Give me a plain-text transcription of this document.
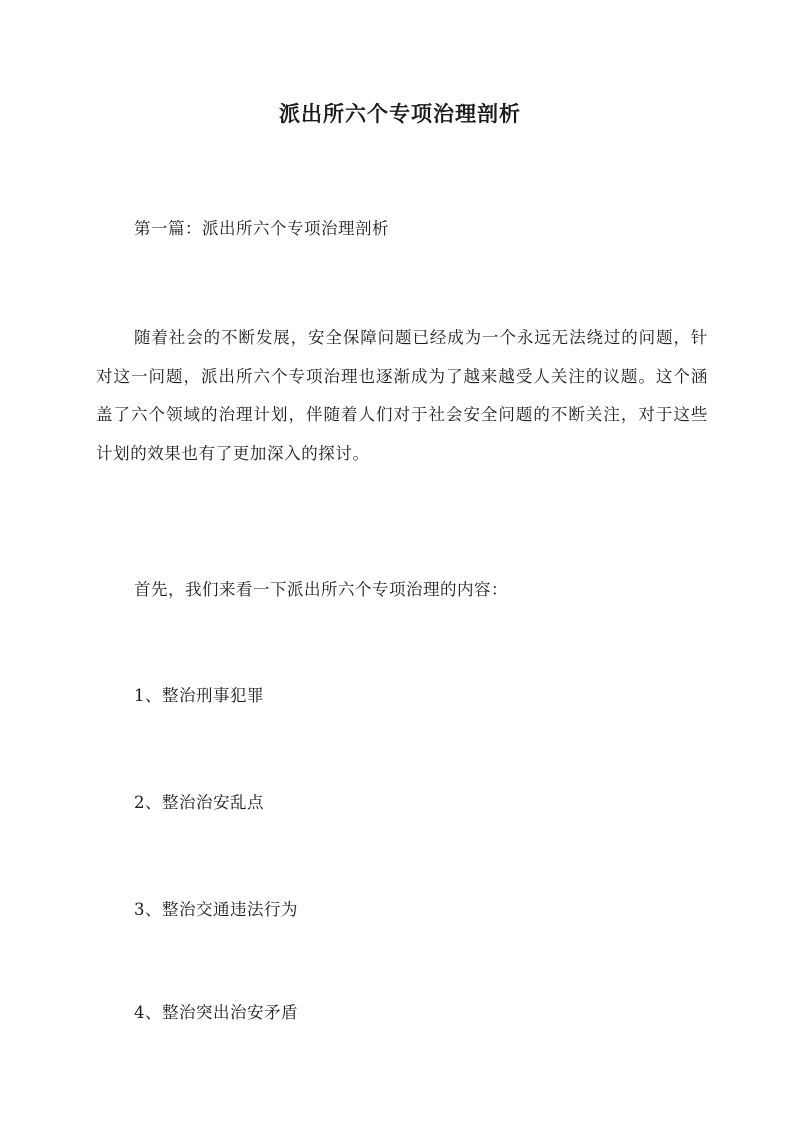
派出所六个专项治理剖析
第一篇：派出所六个专项治理剖析

随着社会的不断发展，安全保障问题已经成为一个永远无法绕过的问题，针对这一问题，派出所六个专项治理也逐渐成为了越来越受人关注的议题。这个涵盖了六个领域的治理计划，伴随着人们对于社会安全问题的不断关注，对于这些计划的效果也有了更加深入的探讨。

首先，我们来看一下派出所六个专项治理的内容：
1、整治刑事犯罪
2、整治治安乱点
3、整治交通违法行为
4、整治突出治安矛盾
